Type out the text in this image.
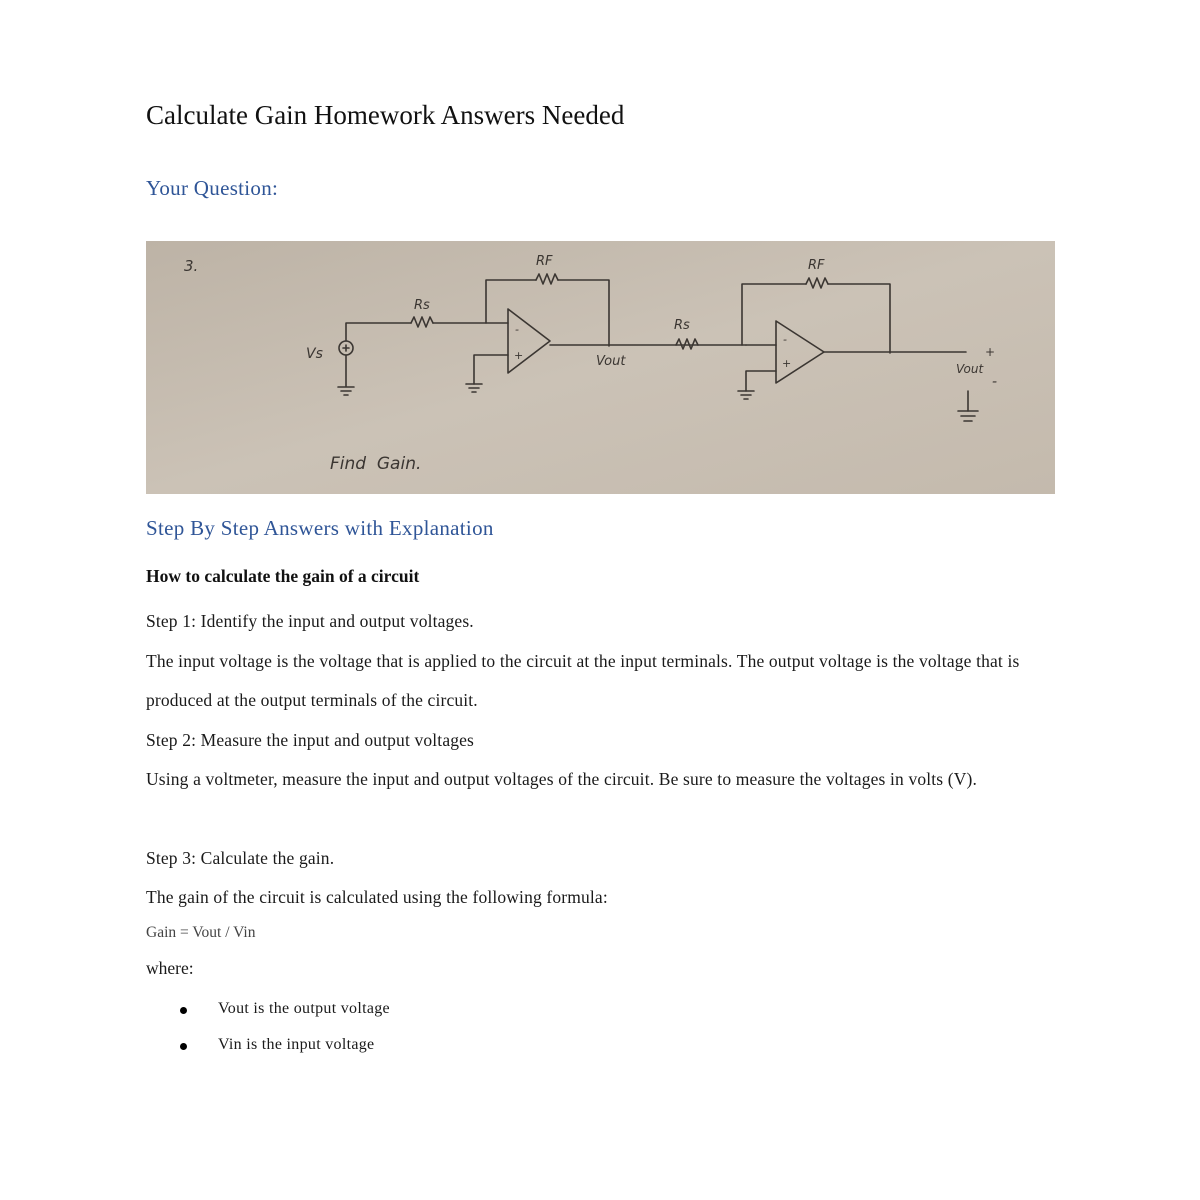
Calculate Gain Homework Answers Needed
Your Question:
3.
Rs
RF
Rs
RF
Vs	Vout	Vout
+
-
-
+
-
+
Find  Gain.
Step By Step Answers with Explanation
How to calculate the gain of a circuit
Step 1: Identify the input and output voltages.
The input voltage is the voltage that is applied to the circuit at the input terminals. The output voltage is the voltage that is produced at the output terminals of the circuit.
Step 2: Measure the input and output voltages
Using a voltmeter, measure the input and output voltages of the circuit. Be sure to measure the voltages in volts (V).
Step 3: Calculate the gain.
The gain of the circuit is calculated using the following formula:
Gain = Vout / Vin
where:
Vout is the output voltage
Vin is the input voltage
